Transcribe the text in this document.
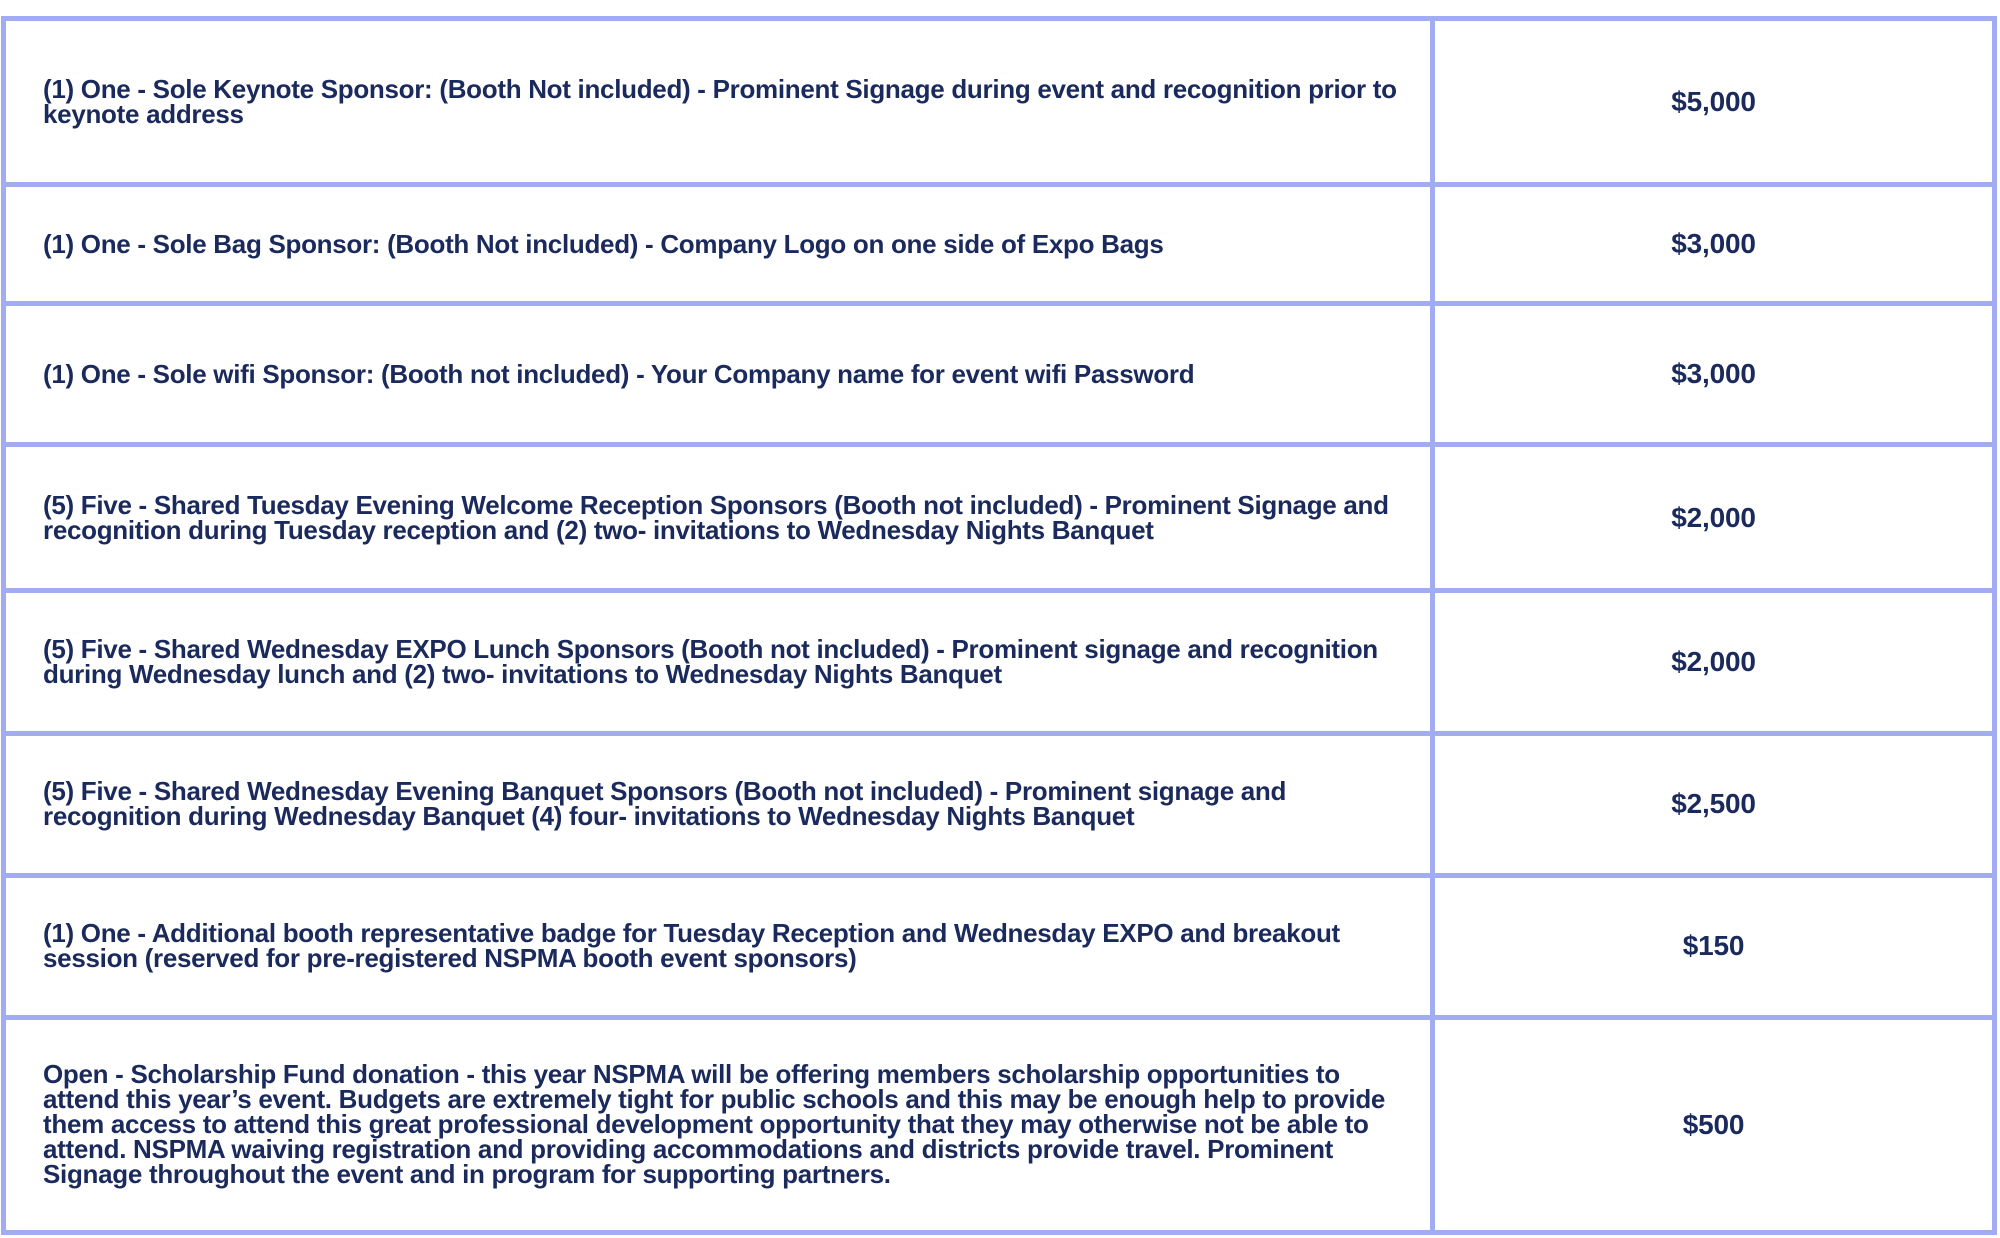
(1) One - Sole Keynote Sponsor: (Booth Not included) - Prominent Signage during event and recognition prior to keynote address	$5,000

(1) One - Sole Bag Sponsor: (Booth Not included) - Company Logo on one side of Expo Bags	$3,000

(1) One - Sole wifi Sponsor: (Booth not included) - Your Company name for event wifi Password	$3,000

(5) Five - Shared Tuesday Evening Welcome Reception Sponsors (Booth not included) - Prominent Signage and recognition during Tuesday reception and (2) two- invitations to Wednesday Nights Banquet	$2,000

(5) Five - Shared Wednesday EXPO Lunch Sponsors (Booth not included) - Prominent signage and recognition during Wednesday lunch and (2) two- invitations to Wednesday Nights Banquet	$2,000

(5) Five - Shared Wednesday Evening Banquet Sponsors (Booth not included) - Prominent signage and recognition during Wednesday Banquet (4) four- invitations to Wednesday Nights Banquet	$2,500

(1) One - Additional booth representative badge for Tuesday Reception and Wednesday EXPO and breakout session (reserved for pre-registered NSPMA booth event sponsors)	$150

Open - Scholarship Fund donation - this year NSPMA will be offering members scholarship opportunities to attend this year’s event. Budgets are extremely tight for public schools and this may be enough help to provide them access to attend this great professional development opportunity that they may otherwise not be able to attend. NSPMA waiving registration and providing accommodations and districts provide travel. Prominent Signage throughout the event and in program for supporting partners.	$500
